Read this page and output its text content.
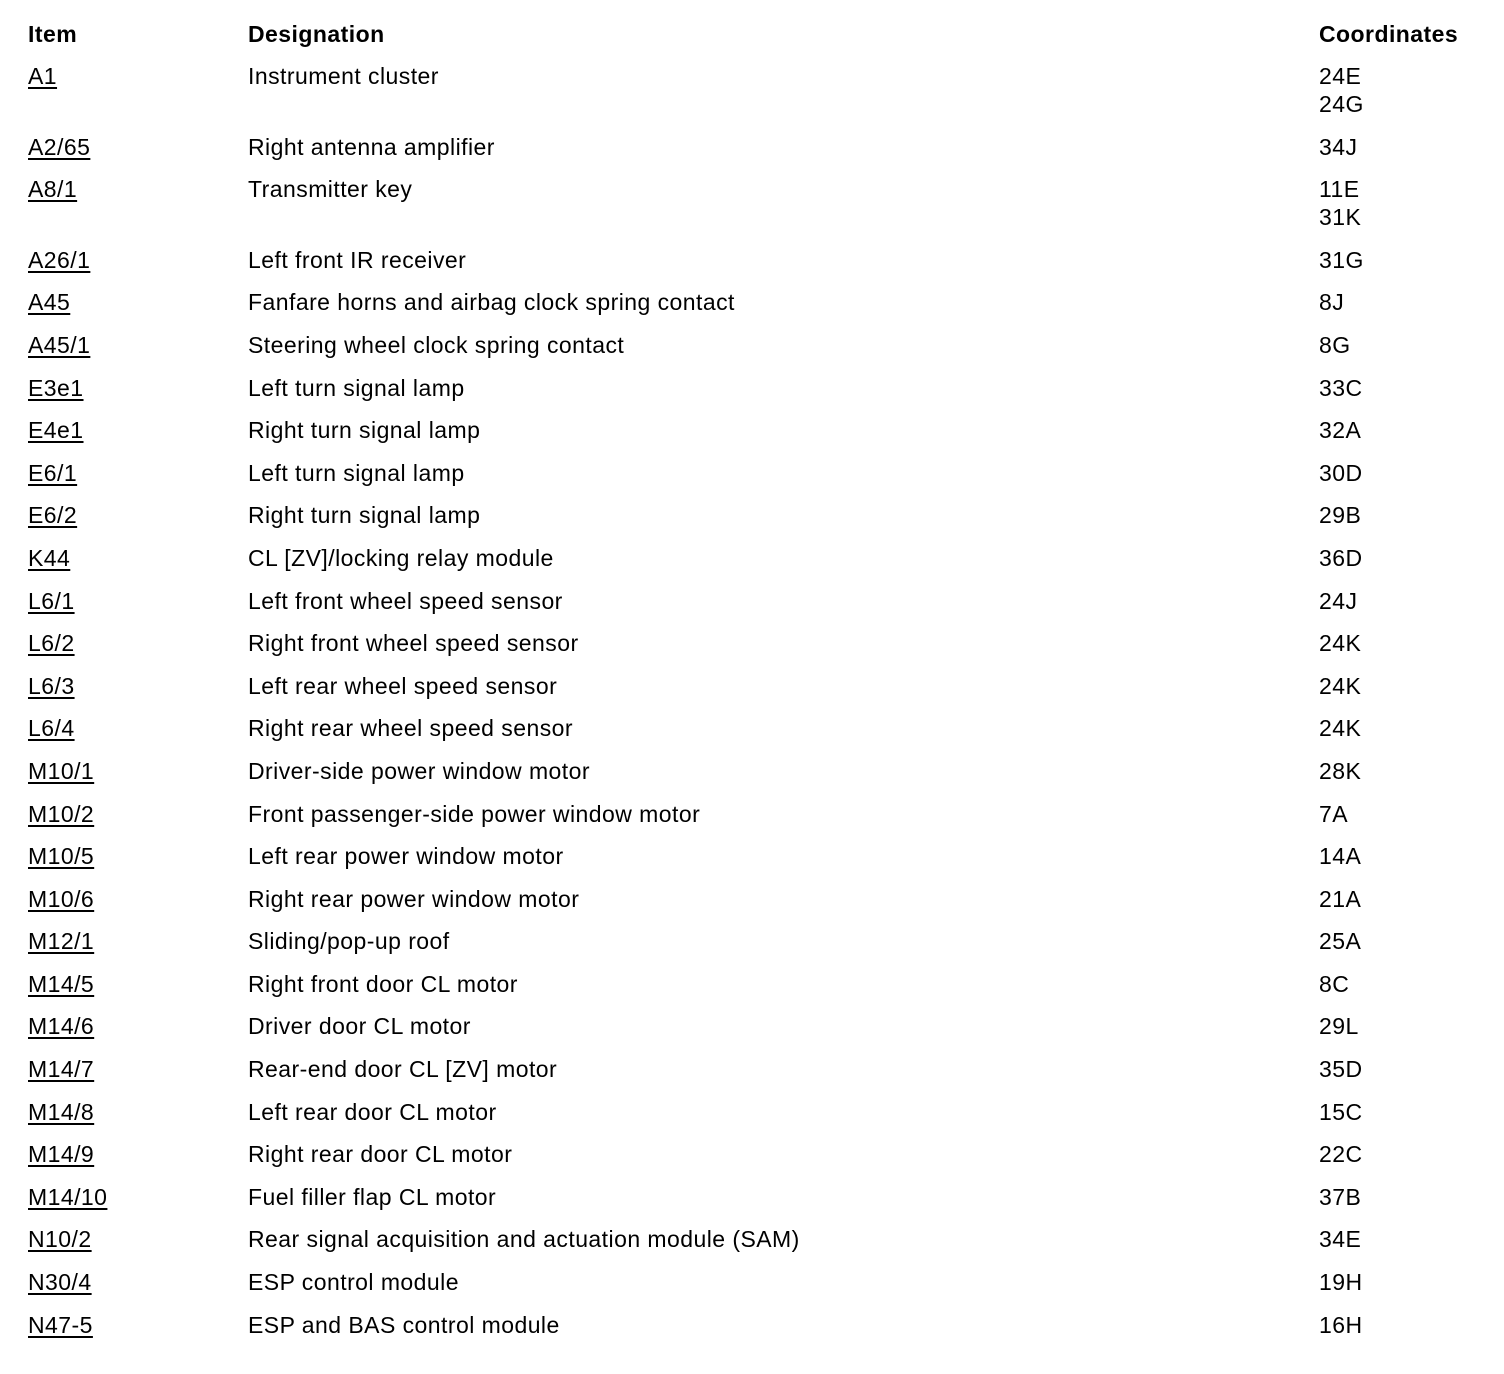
Item	Designation	Coordinates
A1	Instrument cluster	24E
24G
A2/65	Right antenna amplifier	34J
A8/1	Transmitter key	11E
31K
A26/1	Left front IR receiver	31G
A45	Fanfare horns and airbag clock spring contact	8J
A45/1	Steering wheel clock spring contact	8G
E3e1	Left turn signal lamp	33C
E4e1	Right turn signal lamp	32A
E6/1	Left turn signal lamp	30D
E6/2	Right turn signal lamp	29B
K44	CL [ZV]/locking relay module	36D
L6/1	Left front wheel speed sensor	24J
L6/2	Right front wheel speed sensor	24K
L6/3	Left rear wheel speed sensor	24K
L6/4	Right rear wheel speed sensor	24K
M10/1	Driver-side power window motor	28K
M10/2	Front passenger-side power window motor	7A
M10/5	Left rear power window motor	14A
M10/6	Right rear power window motor	21A
M12/1	Sliding/pop-up roof	25A
M14/5	Right front door CL motor	8C
M14/6	Driver door CL motor	29L
M14/7	Rear-end door CL [ZV] motor	35D
M14/8	Left rear door CL motor	15C
M14/9	Right rear door CL motor	22C
M14/10	Fuel filler flap CL motor	37B
N10/2	Rear signal acquisition and actuation module (SAM)	34E
N30/4	ESP control module	19H
N47-5	ESP and BAS control module	16H
